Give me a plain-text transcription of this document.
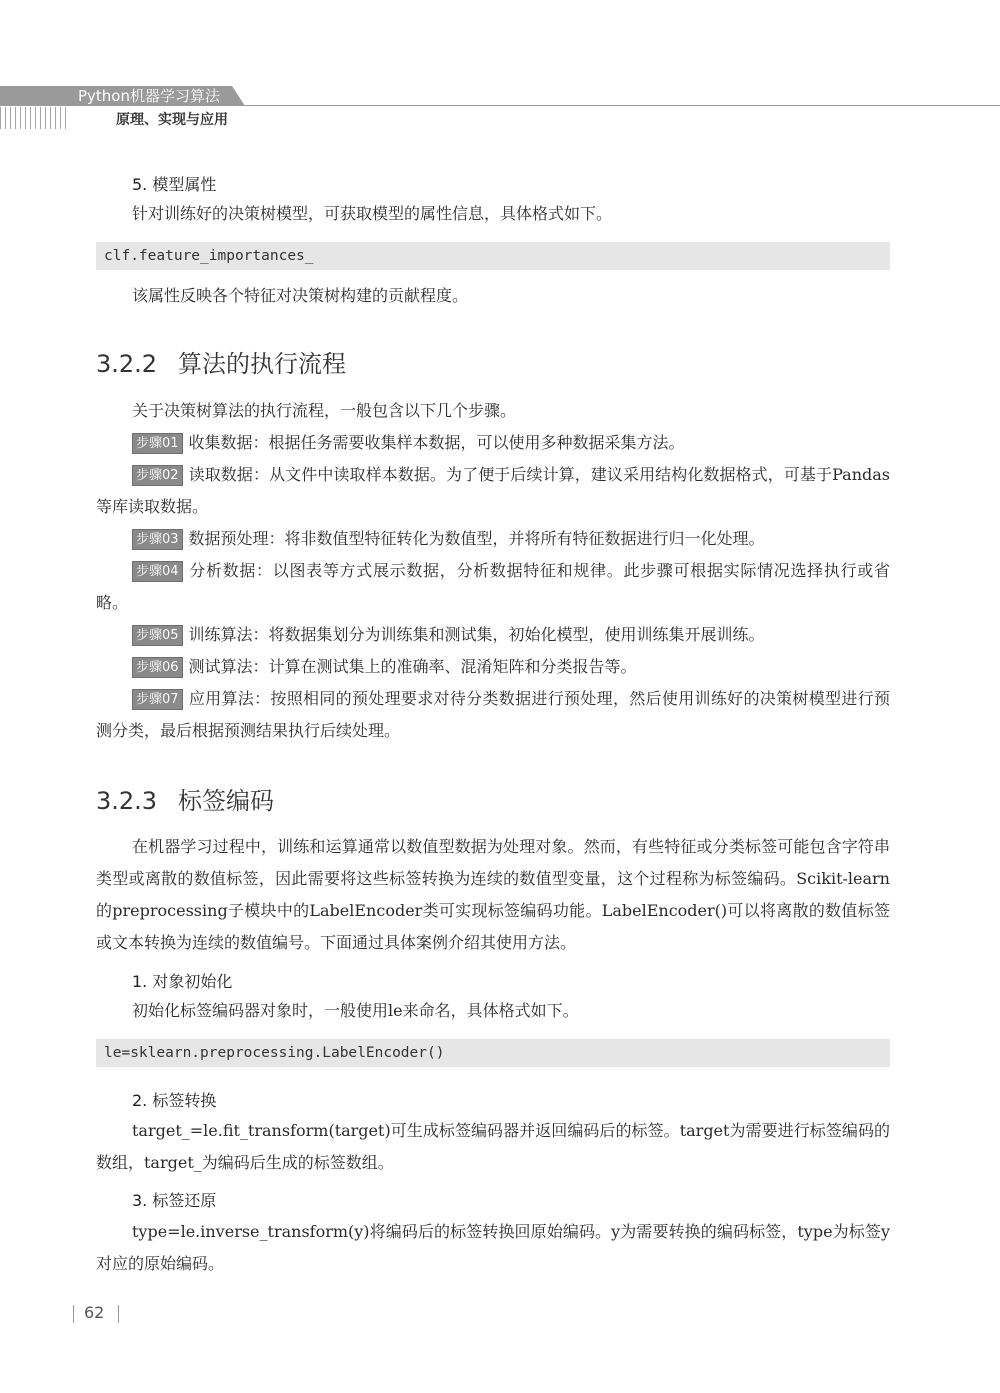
Python机器学习算法
原理、实现与应用
5. 模型属性
针对训练好的决策树模型，可获取模型的属性信息，具体格式如下。
clf.feature_importances_
该属性反映各个特征对决策树构建的贡献程度。
3.2.2 算法的执行流程
关于决策树算法的执行流程，一般包含以下几个步骤。
步骤01 收集数据：根据任务需要收集样本数据，可以使用多种数据采集方法。
步骤02 读取数据：从文件中读取样本数据。为了便于后续计算，建议采用结构化数据格式，可基于Pandas等库读取数据。
步骤03 数据预处理：将非数值型特征转化为数值型，并将所有特征数据进行归一化处理。
步骤04 分析数据：以图表等方式展示数据，分析数据特征和规律。此步骤可根据实际情况选择执行或省略。
步骤05 训练算法：将数据集划分为训练集和测试集，初始化模型，使用训练集开展训练。
步骤06 测试算法：计算在测试集上的准确率、混淆矩阵和分类报告等。
步骤07 应用算法：按照相同的预处理要求对待分类数据进行预处理，然后使用训练好的决策树模型进行预测分类，最后根据预测结果执行后续处理。
3.2.3 标签编码
在机器学习过程中，训练和运算通常以数值型数据为处理对象。然而，有些特征或分类标签可能包含字符串类型或离散的数值标签，因此需要将这些标签转换为连续的数值型变量，这个过程称为标签编码。Scikit-learn的preprocessing子模块中的LabelEncoder类可实现标签编码功能。LabelEncoder()可以将离散的数值标签或文本转换为连续的数值编号。下面通过具体案例介绍其使用方法。
1. 对象初始化
初始化标签编码器对象时，一般使用le来命名，具体格式如下。
le=sklearn.preprocessing.LabelEncoder()
2. 标签转换
target_=le.fit_transform(target)可生成标签编码器并返回编码后的标签。target为需要进行标签编码的数组，target_为编码后生成的标签数组。
3. 标签还原
type=le.inverse_transform(y)将编码后的标签转换回原始编码。y为需要转换的编码标签，type为标签y对应的原始编码。
62
